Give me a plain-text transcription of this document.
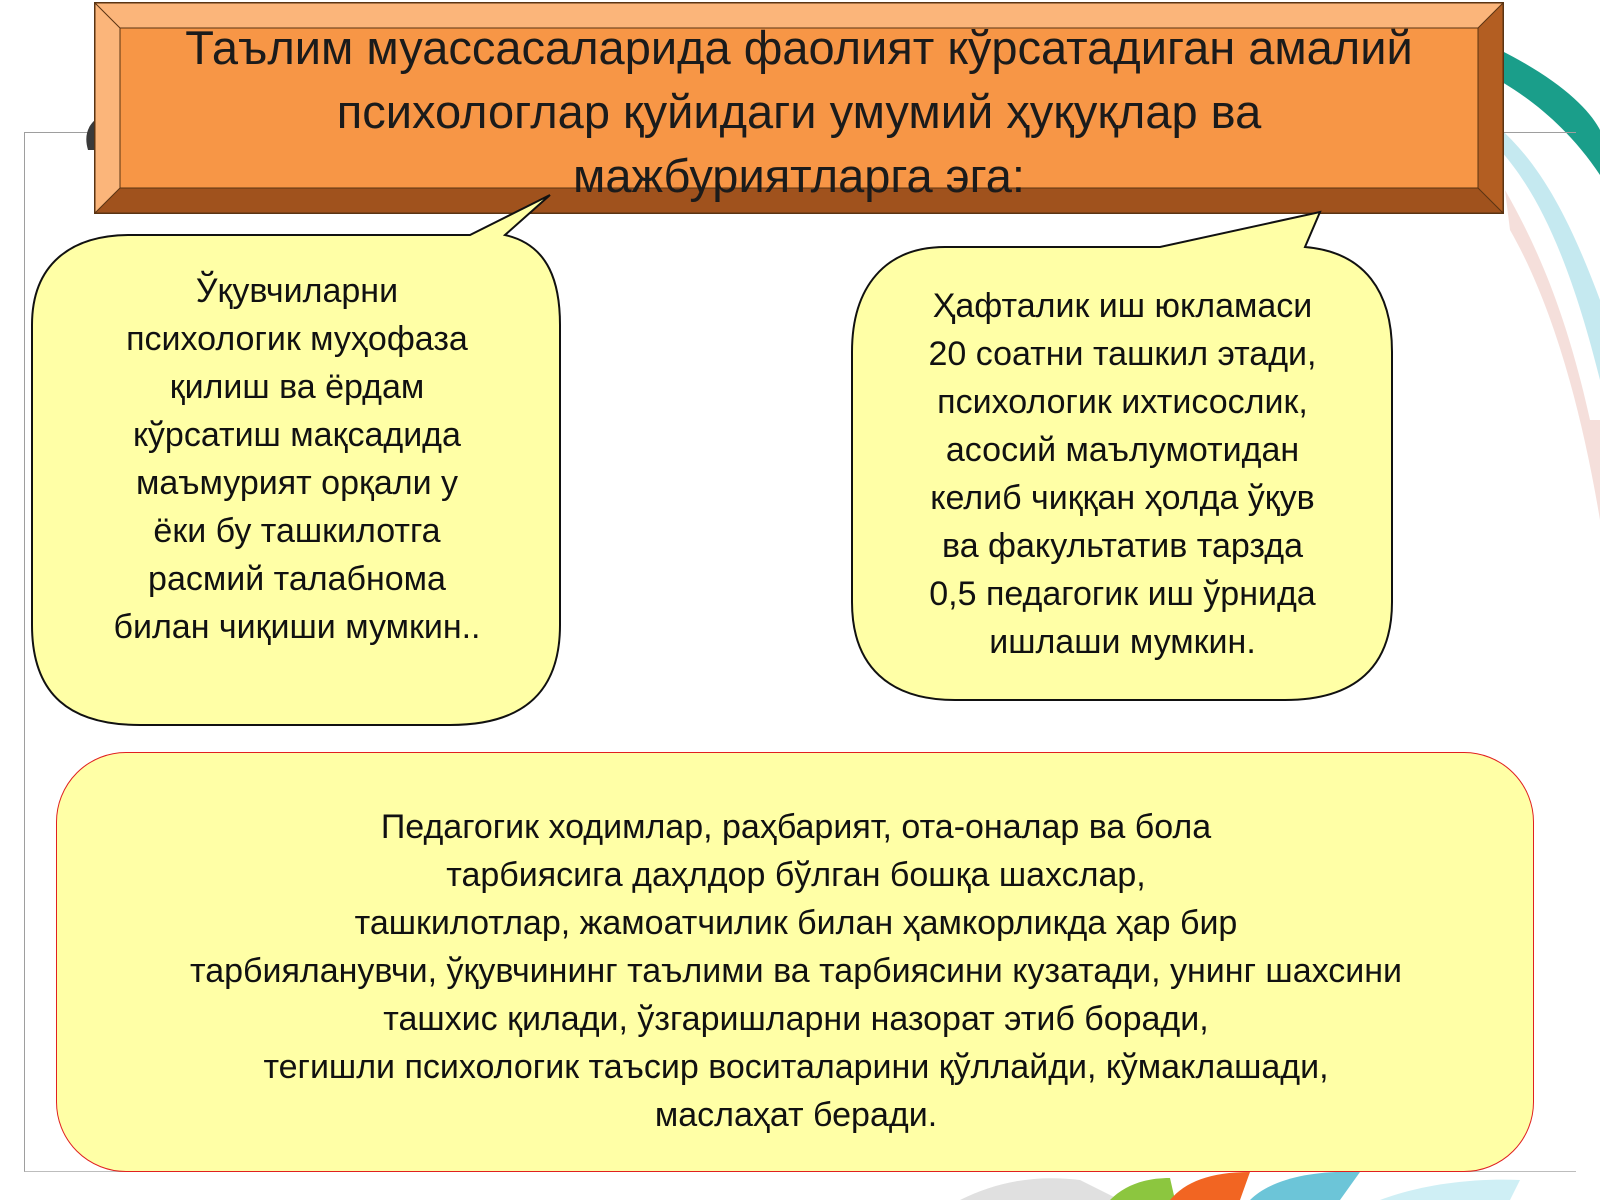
Таълим муассасаларида фаолият кўрсатадиган амалий
психологлар қуйидаги умумий ҳуқуқлар ва
мажбуриятларга эга:
Ўқувчиларни
психологик муҳофаза
қилиш ва ёрдам
кўрсатиш мақсадида
маъмурият орқали у
ёки бу ташкилотга
расмий талабнома
билан чиқиши мумкин..
Ҳафталик иш юкламаси
20 соатни ташкил этади,
психологик ихтисослик,
асосий маълумотидан
келиб чиққан ҳолда ўқув
ва факультатив тарзда
0,5 педагогик иш ўрнида
ишлаши мумкин.
Педагогик ходимлар, раҳбарият, ота-оналар ва бола
тарбиясига даҳлдор бўлган бошқа шахслар,
ташкилотлар, жамоатчилик билан ҳамкорликда ҳар бир
тарбияланувчи, ўқувчининг таълими ва тарбиясини кузатади, унинг шахсини
ташхис қилади, ўзгаришларни назорат этиб боради,
тегишли психологик таъсир воситаларини қўллайди, кўмаклашади,
маслаҳат беради.
